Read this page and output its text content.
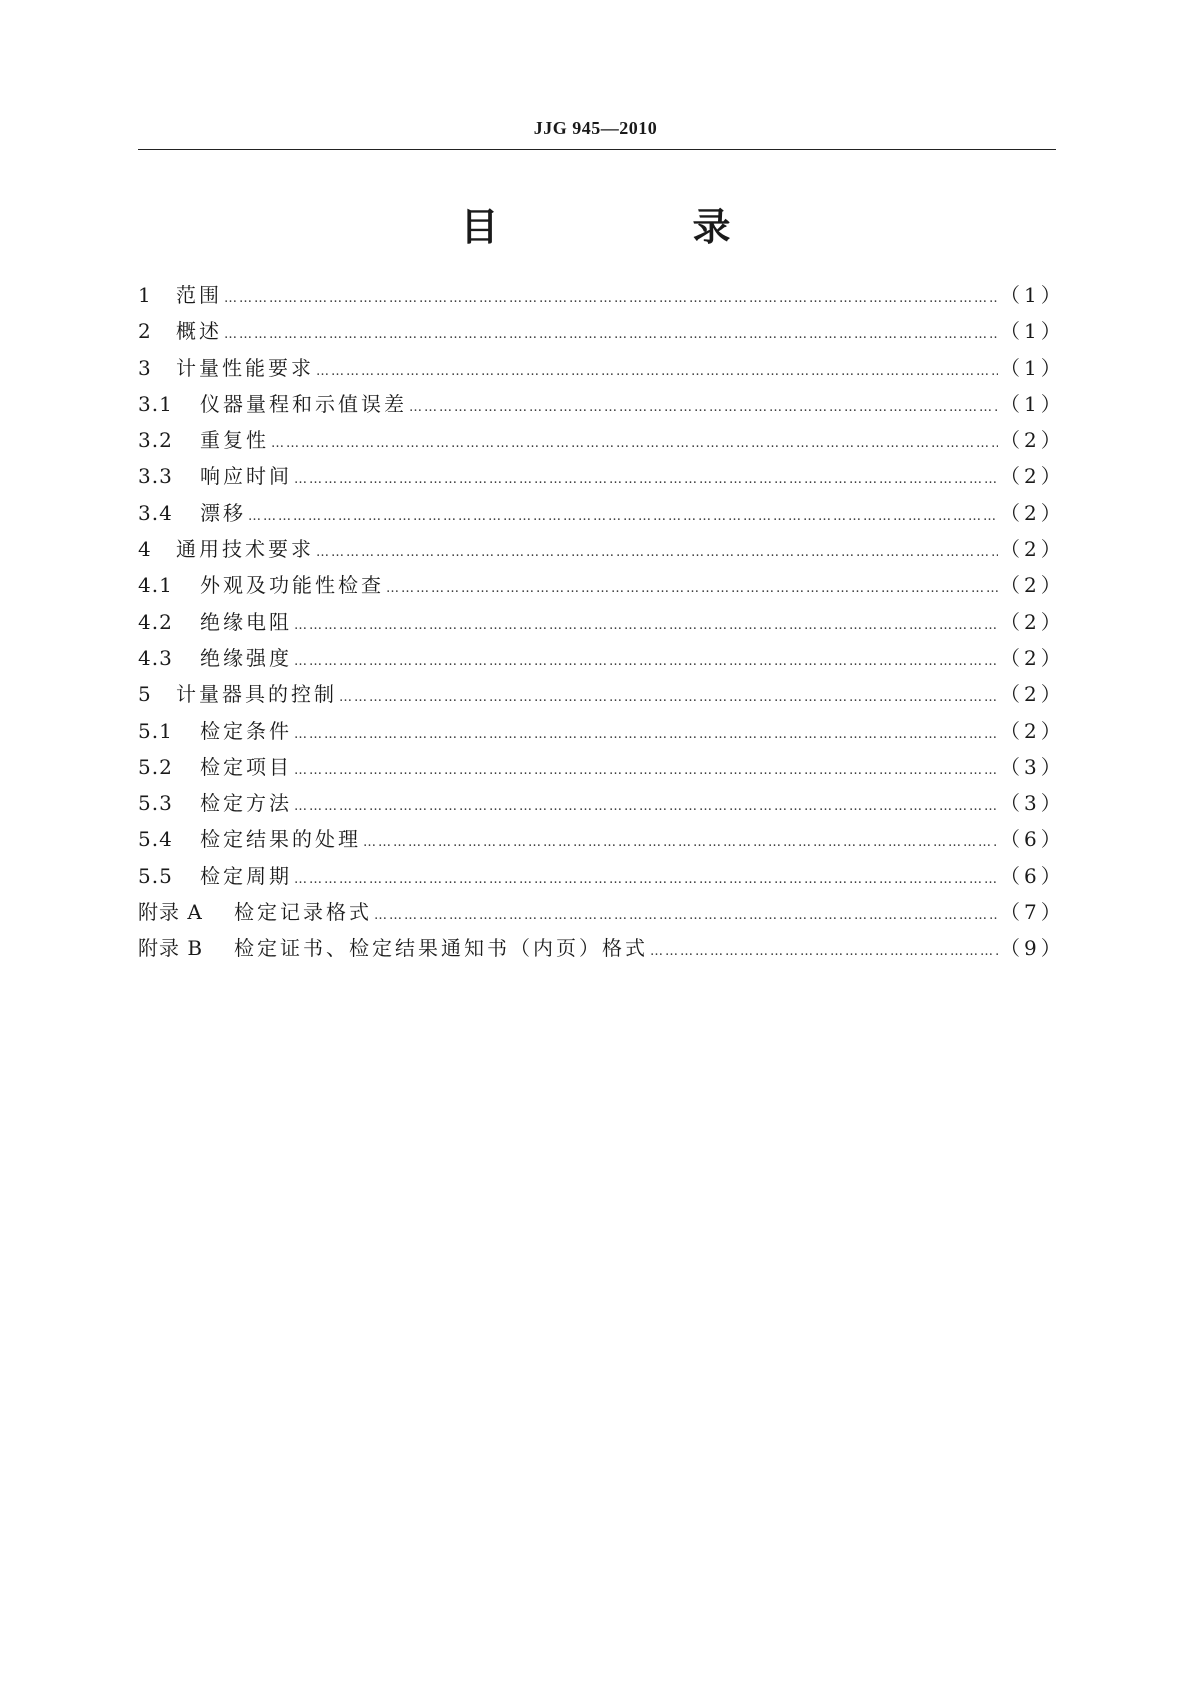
JJG 945—2010
目　录
1	范围 ……………………………………………………………………………………………………………………………………………………………………………………………………………………………………………	（1）
2	概述 ……………………………………………………………………………………………………………………………………………………………………………………………………………………………………………	（1）
3	计量性能要求 ……………………………………………………………………………………………………………………………………………………………………………………………………………………………………………	（1）
3.1	仪器量程和示值误差 ……………………………………………………………………………………………………………………………………………………………………………………………………………………………………………	（1）
3.2	重复性 ……………………………………………………………………………………………………………………………………………………………………………………………………………………………………………	（2）
3.3	响应时间 ……………………………………………………………………………………………………………………………………………………………………………………………………………………………………………	（2）
3.4	漂移 ……………………………………………………………………………………………………………………………………………………………………………………………………………………………………………	（2）
4	通用技术要求 ……………………………………………………………………………………………………………………………………………………………………………………………………………………………………………	（2）
4.1	外观及功能性检查 ……………………………………………………………………………………………………………………………………………………………………………………………………………………………………………	（2）
4.2	绝缘电阻 ……………………………………………………………………………………………………………………………………………………………………………………………………………………………………………	（2）
4.3	绝缘强度 ……………………………………………………………………………………………………………………………………………………………………………………………………………………………………………	（2）
5	计量器具的控制 ……………………………………………………………………………………………………………………………………………………………………………………………………………………………………………	（2）
5.1	检定条件 ……………………………………………………………………………………………………………………………………………………………………………………………………………………………………………	（2）
5.2	检定项目 ……………………………………………………………………………………………………………………………………………………………………………………………………………………………………………	（3）
5.3	检定方法 ……………………………………………………………………………………………………………………………………………………………………………………………………………………………………………	（3）
5.4	检定结果的处理 ……………………………………………………………………………………………………………………………………………………………………………………………………………………………………………	（6）
5.5	检定周期 ……………………………………………………………………………………………………………………………………………………………………………………………………………………………………………	（6）
附录 A	检定记录格式 ……………………………………………………………………………………………………………………………………………………………………………………………………………………………………………	（7）
附录 B	检定证书、检定结果通知书（内页）格式 ……………………………………………………………………………………………………………………………………………………………………………………………………………………………………………	（9）
